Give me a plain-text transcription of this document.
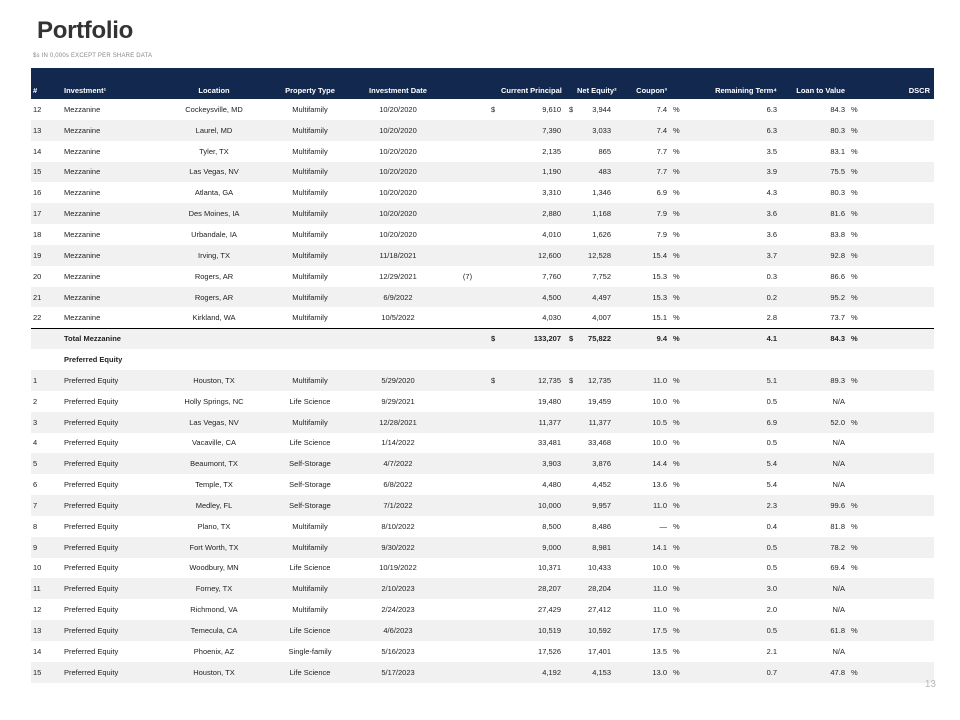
Portfolio
$s IN 0,000s EXCEPT PER SHARE DATA
#	Investment¹	Location	Property Type	Investment Date			Current Principal		Net Equity²	Coupon³		Remaining Term⁴	Loan to Value		DSCR
12	Mezzanine	Cockeysville, MD	Multifamily	10/20/2020		$	9,610	$	3,944	7.4	%	6.3	84.3	%	
13	Mezzanine	Laurel, MD	Multifamily	10/20/2020			7,390		3,033	7.4	%	6.3	80.3	%	
14	Mezzanine	Tyler, TX	Multifamily	10/20/2020			2,135		865	7.7	%	3.5	83.1	%	
15	Mezzanine	Las Vegas, NV	Multifamily	10/20/2020			1,190		483	7.7	%	3.9	75.5	%	
16	Mezzanine	Atlanta, GA	Multifamily	10/20/2020			3,310		1,346	6.9	%	4.3	80.3	%	
17	Mezzanine	Des Moines, IA	Multifamily	10/20/2020			2,880		1,168	7.9	%	3.6	81.6	%	
18	Mezzanine	Urbandale, IA	Multifamily	10/20/2020			4,010		1,626	7.9	%	3.6	83.8	%	
19	Mezzanine	Irving, TX	Multifamily	11/18/2021			12,600		12,528	15.4	%	3.7	92.8	%	
20	Mezzanine	Rogers, AR	Multifamily	12/29/2021	(7)		7,760		7,752	15.3	%	0.3	86.6	%	
21	Mezzanine	Rogers, AR	Multifamily	6/9/2022			4,500		4,497	15.3	%	0.2	95.2	%	
22	Mezzanine	Kirkland, WA	Multifamily	10/5/2022			4,030		4,007	15.1	%	2.8	73.7	%	
	Total Mezzanine					$	133,207	$	75,822	9.4	%	4.1	84.3	%	
	Preferred Equity														
1	Preferred Equity	Houston, TX	Multifamily	5/29/2020		$	12,735	$	12,735	11.0	%	5.1	89.3	%	
2	Preferred Equity	Holly Springs, NC	Life Science	9/29/2021			19,480		19,459	10.0	%	0.5	N/A		
3	Preferred Equity	Las Vegas, NV	Multifamily	12/28/2021			11,377		11,377	10.5	%	6.9	52.0	%	
4	Preferred Equity	Vacaville, CA	Life Science	1/14/2022			33,481		33,468	10.0	%	0.5	N/A		
5	Preferred Equity	Beaumont, TX	Self-Storage	4/7/2022			3,903		3,876	14.4	%	5.4	N/A		
6	Preferred Equity	Temple, TX	Self-Storage	6/8/2022			4,480		4,452	13.6	%	5.4	N/A		
7	Preferred Equity	Medley, FL	Self-Storage	7/1/2022			10,000		9,957	11.0	%	2.3	99.6	%	
8	Preferred Equity	Plano, TX	Multifamily	8/10/2022			8,500		8,486	—	%	0.4	81.8	%	
9	Preferred Equity	Fort Worth, TX	Multifamily	9/30/2022			9,000		8,981	14.1	%	0.5	78.2	%	
10	Preferred Equity	Woodbury, MN	Life Science	10/19/2022			10,371		10,433	10.0	%	0.5	69.4	%	
11	Preferred Equity	Forney, TX	Multifamily	2/10/2023			28,207		28,204	11.0	%	3.0	N/A		
12	Preferred Equity	Richmond, VA	Multifamily	2/24/2023			27,429		27,412	11.0	%	2.0	N/A		
13	Preferred Equity	Temecula, CA	Life Science	4/6/2023			10,519		10,592	17.5	%	0.5	61.8	%	
14	Preferred Equity	Phoenix, AZ	Single-family	5/16/2023			17,526		17,401	13.5	%	2.1	N/A		
15	Preferred Equity	Houston, TX	Life Science	5/17/2023			4,192		4,153	13.0	%	0.7	47.8	%	
13
